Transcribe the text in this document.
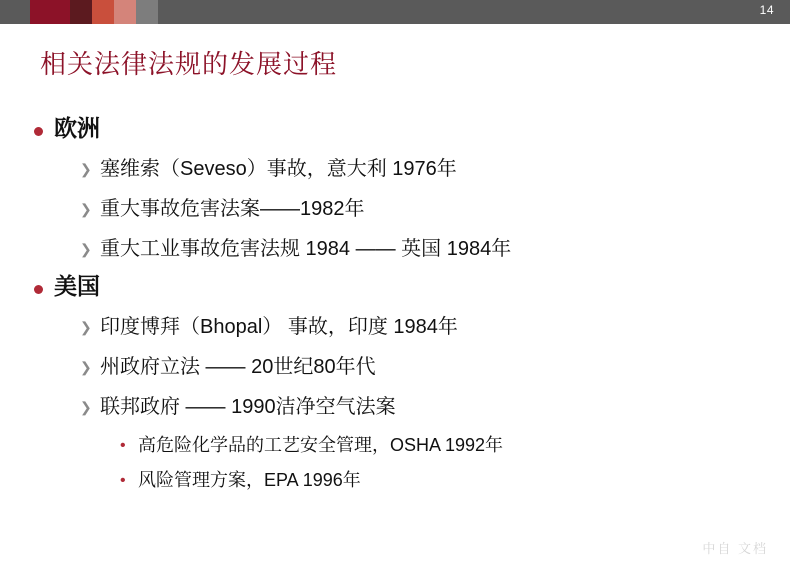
14
相关法律法规的发展过程
欧洲
❯ 塞维索（Seveso）事故，意大利 1976年
❯ 重大事故危害法案——1982年
❯ 重大工业事故危害法规 1984 —— 英国 1984年
美国
❯ 印度博拜（Bhopal） 事故，印度 1984年
❯ 州政府立法 —— 20世纪80年代
❯ 联邦政府 —— 1990洁净空气法案
• 高危险化学品的工艺安全管理，OSHA 1992年
• 风险管理方案，EPA 1996年
中自 文档
